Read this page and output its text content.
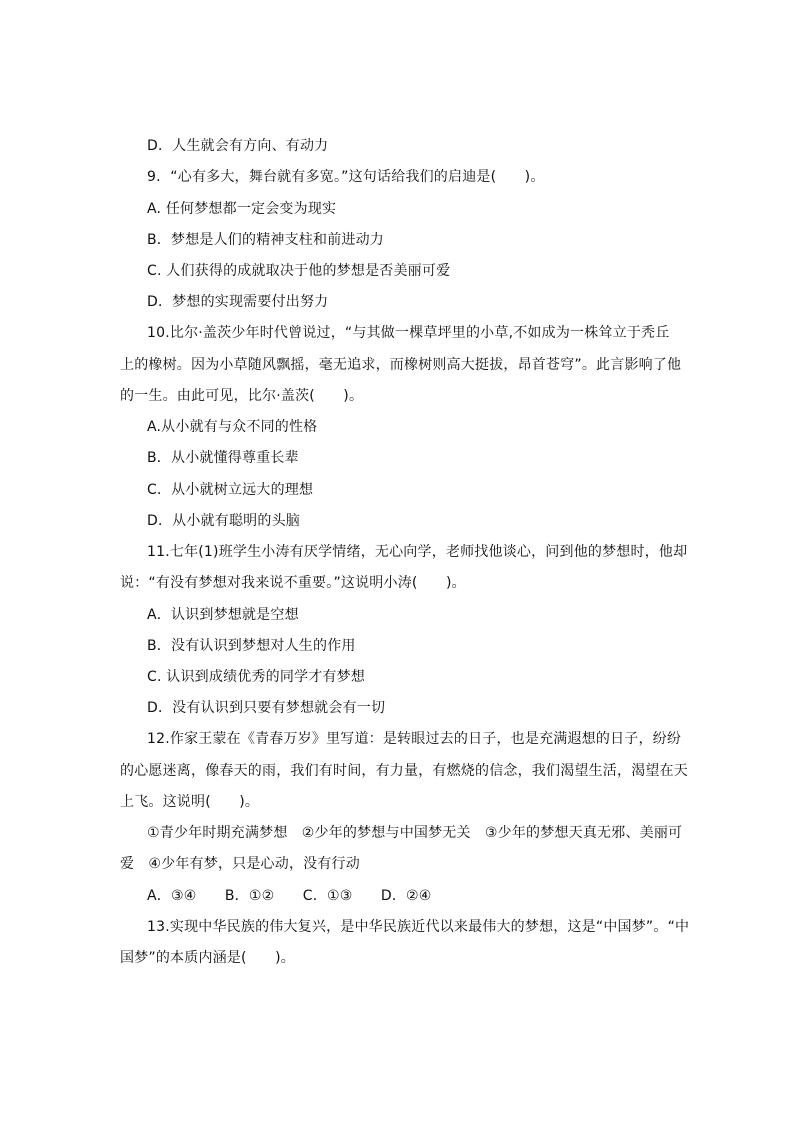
D．人生就会有方向、有动力
9．“心有多大，舞台就有多宽。”这句话给我们的启迪是(　　)。
A. 任何梦想都一定会变为现实
B．梦想是人们的精神支柱和前进动力
C. 人们获得的成就取决于他的梦想是否美丽可爱
D．梦想的实现需要付出努力
10.比尔·盖茨少年时代曾说过，“与其做一棵草坪里的小草,不如成为一株耸立于秃丘
上的橡树。因为小草随风飘摇，毫无追求，而橡树则高大挺拔，昂首苍穹”。此言影响了他
的一生。由此可见，比尔·盖茨(　　)。
A.从小就有与众不同的性格
B．从小就懂得尊重长辈
C．从小就树立远大的理想
D．从小就有聪明的头脑
11.七年(1)班学生小涛有厌学情绪，无心向学，老师找他谈心，问到他的梦想时，他却
说：“有没有梦想对我来说不重要。”这说明小涛(　　)。
A．认识到梦想就是空想
B．没有认识到梦想对人生的作用
C. 认识到成绩优秀的同学才有梦想
D．没有认识到只要有梦想就会有一切
12.作家王蒙在《青春万岁》里写道：是转眼过去的日子，也是充满遐想的日子，纷纷
的心愿迷离，像春天的雨，我们有时间，有力量，有燃烧的信念，我们渴望生活，渴望在天
上飞。这说明(　　)。
①青少年时期充满梦想　②少年的梦想与中国梦无关　③少年的梦想天真无邪、美丽可
爱　④少年有梦，只是心动，没有行动
A．③④　　B．①②　　C．①③　　D．②④
13.实现中华民族的伟大复兴，是中华民族近代以来最伟大的梦想，这是“中国梦”。“中
国梦”的本质内涵是(　　)。
